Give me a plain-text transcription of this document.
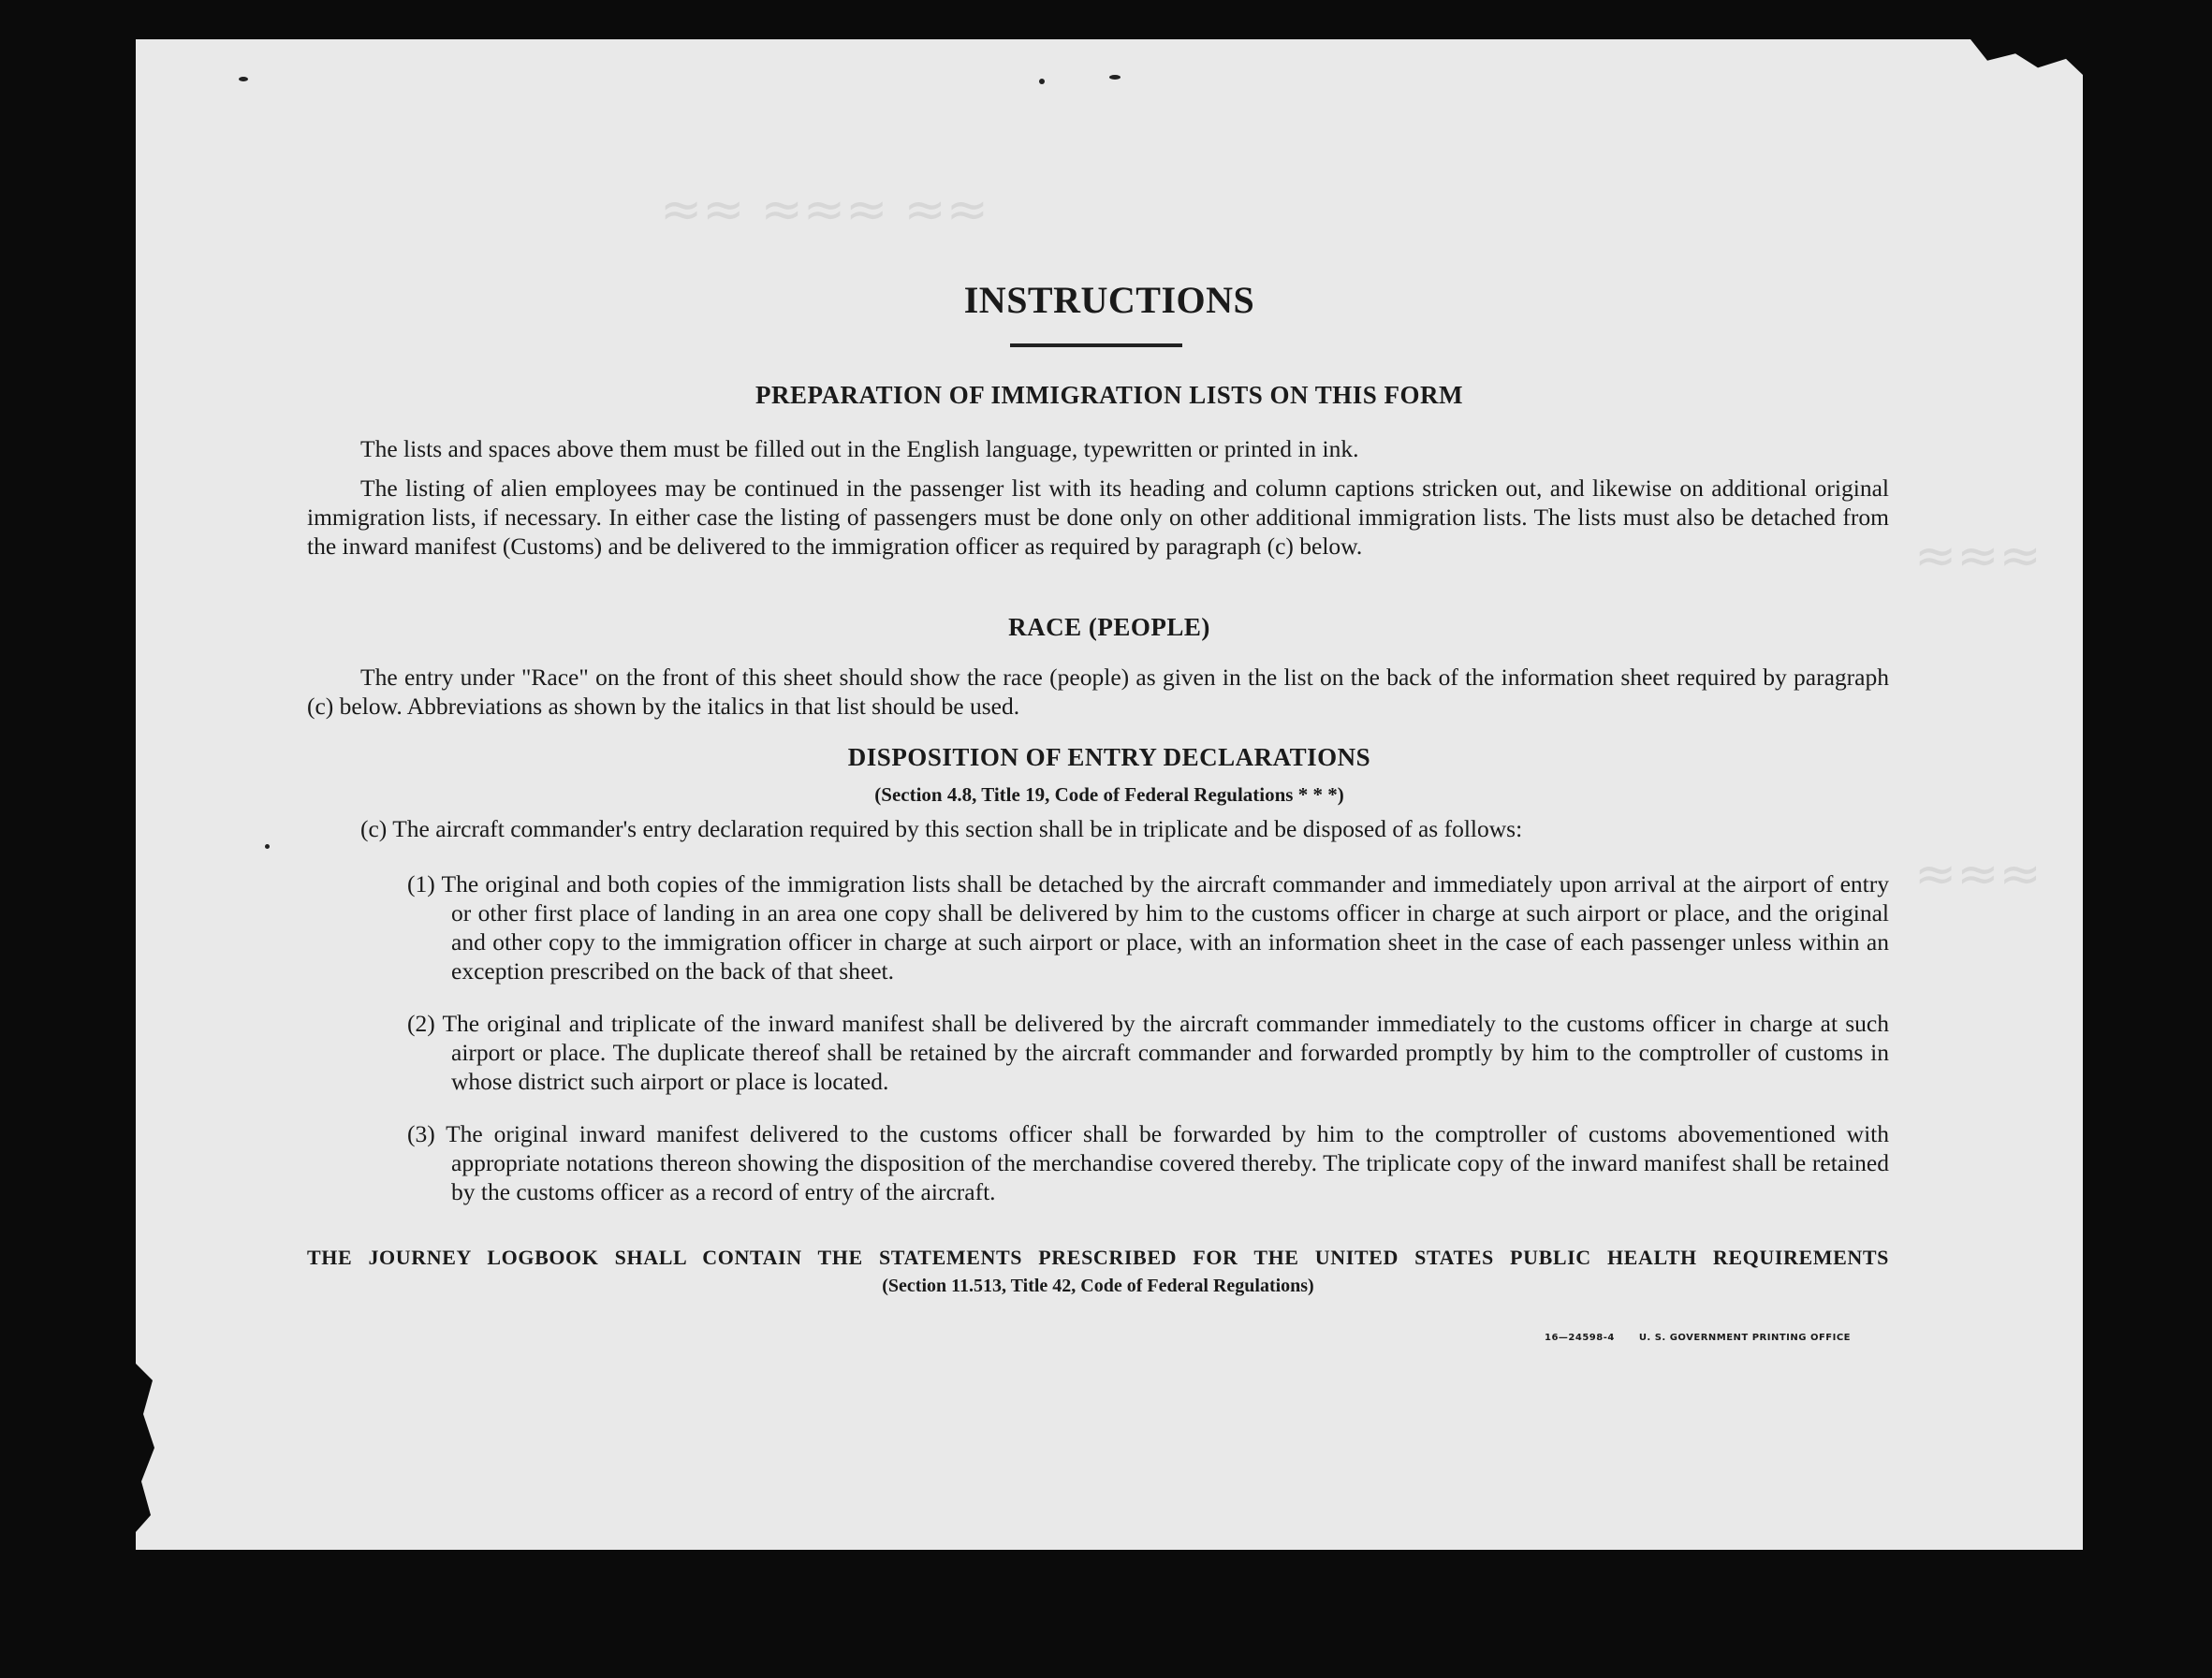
≈≈ ≈≈≈ ≈≈
≈≈≈
≈≈≈
INSTRUCTIONS
PREPARATION OF IMMIGRATION LISTS ON THIS FORM

The lists and spaces above them must be filled out in the English language, typewritten or printed in ink.

The listing of alien employees may be continued in the passenger list with its heading and column captions stricken out, and likewise on additional original immigration lists, if necessary. In either case the listing of passengers must be done only on other additional immigration lists. The lists must also be detached from the inward manifest (Customs) and be delivered to the immigration officer as required by paragraph (c) below.

RACE (PEOPLE)

The entry under "Race" on the front of this sheet should show the race (people) as given in the list on the back of the information sheet required by paragraph (c) below. Abbreviations as shown by the italics in that list should be used.

DISPOSITION OF ENTRY DECLARATIONS
(Section 4.8, Title 19, Code of Federal Regulations * * *)

(c) The aircraft commander's entry declaration required by this section shall be in triplicate and be disposed of as follows:

(1) The original and both copies of the immigration lists shall be detached by the aircraft commander and immediately upon arrival at the airport of entry or other first place of landing in an area one copy shall be delivered by him to the customs officer in charge at such airport or place, and the original and other copy to the immigration officer in charge at such airport or place, with an information sheet in the case of each passenger unless within an exception prescribed on the back of that sheet.

(2) The original and triplicate of the inward manifest shall be delivered by the aircraft commander immediately to the customs officer in charge at such airport or place. The duplicate thereof shall be retained by the aircraft commander and forwarded promptly by him to the comptroller of customs in whose district such airport or place is located.

(3) The original inward manifest delivered to the customs officer shall be forwarded by him to the comptroller of customs abovementioned with appropriate notations thereon showing the disposition of the merchandise covered thereby. The triplicate copy of the inward manifest shall be retained by the customs officer as a record of entry of the aircraft.

THE JOURNEY LOGBOOK SHALL CONTAIN THE STATEMENTS PRESCRIBED FOR THE UNITED STATES PUBLIC HEALTH REQUIREMENTS
(Section 11.513, Title 42, Code of Federal Regulations)
16—24598-4	U. S. GOVERNMENT PRINTING OFFICE
